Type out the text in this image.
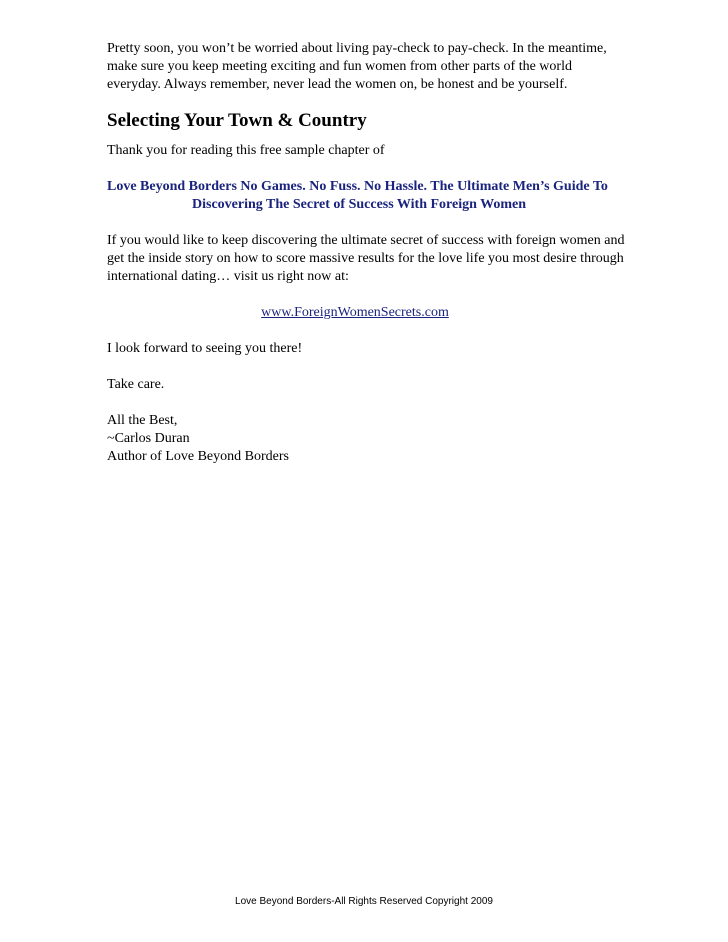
Pretty soon, you won’t be worried about living pay-check to pay-check. In the meantime, make sure you keep meeting exciting and fun women from other parts of the world everyday. Always remember, never lead the women on, be honest and be yourself.

Selecting Your Town & Country

Thank you for reading this free sample chapter of

Love Beyond Borders No Games. No Fuss. No Hassle. The Ultimate Men’s Guide To
Discovering The Secret of Success With Foreign Women

If you would like to keep discovering the ultimate secret of success with foreign women and get the inside story on how to score massive results for the love life you most desire through international dating… visit us right now at:

www.ForeignWomenSecrets.com

I look forward to seeing you there!

Take care.

All the Best,
~Carlos Duran
Author of Love Beyond Borders
Love Beyond Borders-All Rights Reserved Copyright 2009
